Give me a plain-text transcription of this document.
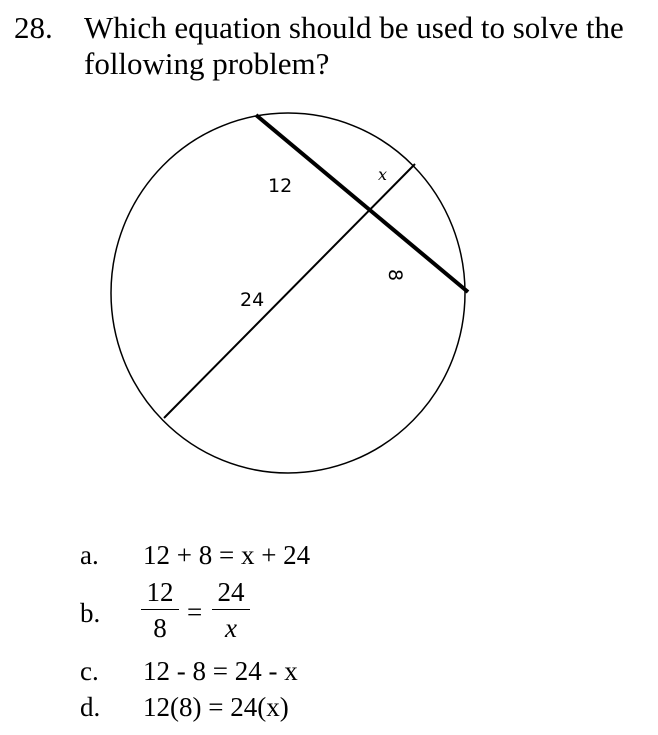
28. Which equation should be used to solve the
following problem?
12
x
8
24
a. 12 + 8 = x + 24
b.
12
8
=
24
x
c. 12 - 8 = 24 - x
d. 12(8) = 24(x)
